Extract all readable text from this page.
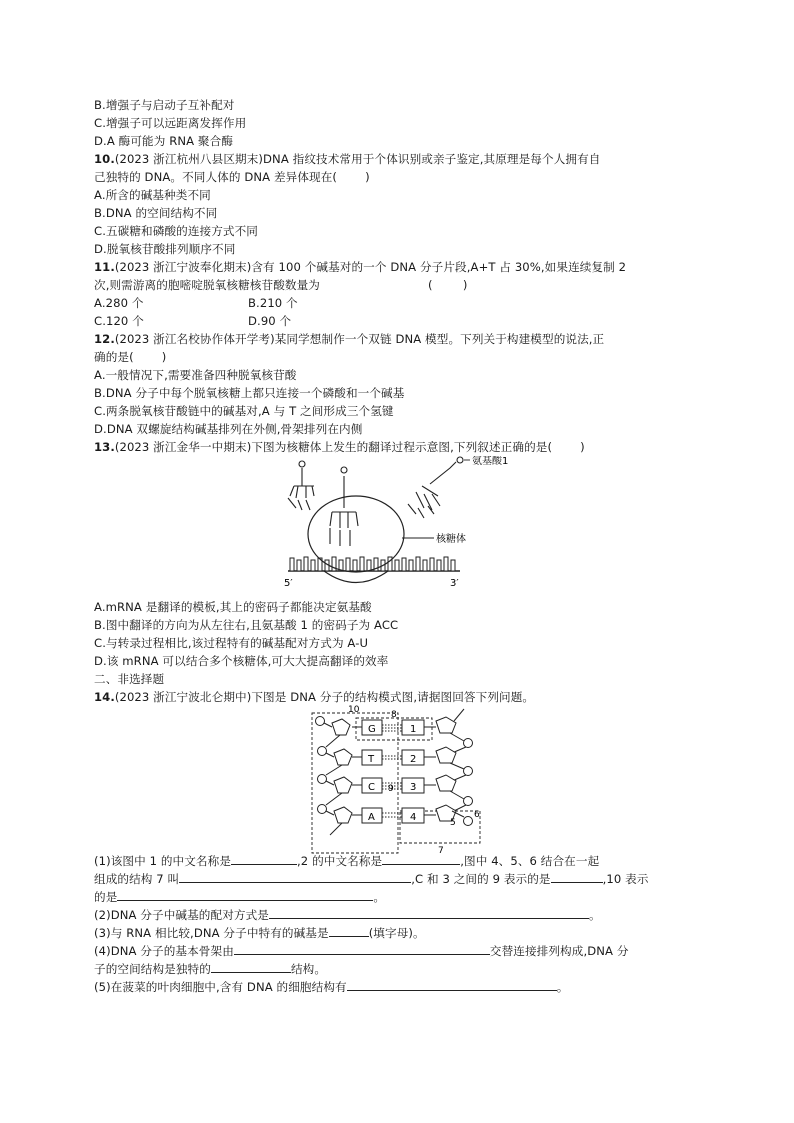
B.增强子与启动子互补配对
C.增强子可以远距离发挥作用
D.A 酶可能为 RNA 聚合酶
10.(2023 浙江杭州八县区期末)DNA 指纹技术常用于个体识别或亲子鉴定,其原理是每个人拥有自
己独特的 DNA。不同人体的 DNA 差异体现在( )
A.所含的碱基种类不同
B.DNA 的空间结构不同
C.五碳糖和磷酸的连接方式不同
D.脱氧核苷酸排列顺序不同
11.(2023 浙江宁波奉化期末)含有 100 个碱基对的一个 DNA 分子片段,A+T 占 30%,如果连续复制 2
次,则需游离的胞嘧啶脱氧核糖核苷酸数量为	(        )
A.280 个	B.210 个
C.120 个	D.90 个
12.(2023 浙江名校协作体开学考)某同学想制作一个双链 DNA 模型。下列关于构建模型的说法,正
确的是( )
A.一般情况下,需要准备四种脱氧核苷酸
B.DNA 分子中每个脱氧核糖上都只连接一个磷酸和一个碱基
C.两条脱氧核苷酸链中的碱基对,A 与 T 之间形成三个氢键
D.DNA 双螺旋结构碱基排列在外侧,骨架排列在内侧
13.(2023 浙江金华一中期末)下图为核糖体上发生的翻译过程示意图,下列叙述正确的是( )
氨基酸1
核糖体
5′	3′
A.mRNA 是翻译的模板,其上的密码子都能决定氨基酸
B.图中翻译的方向为从左往右,且氨基酸 1 的密码子为 ACC
C.与转录过程相比,该过程特有的碱基配对方式为 A-U
D.该 mRNA 可以结合多个核糖体,可大大提高翻译的效率
二、非选择题
14.(2023 浙江宁波北仑期中)下图是 DNA 分子的结构模式图,请据图回答下列问题。
G
T
C
A
1
2
3
4
10	8
9
5
6
7
(1)该图中 1 的中文名称是	,2 的中文名称是	,图中 4、5、6 结合在一起
组成的结构 7 叫	,C 和 3 之间的 9 表示的是	,10 表示
的是	。
(2)DNA 分子中碱基的配对方式是	。
(3)与 RNA 相比较,DNA 分子中特有的碱基是	(填字母)。
(4)DNA 分子的基本骨架由	交替连接排列构成,DNA 分
子的空间结构是独特的	结构。
(5)在菠菜的叶肉细胞中,含有 DNA 的细胞结构有	。
